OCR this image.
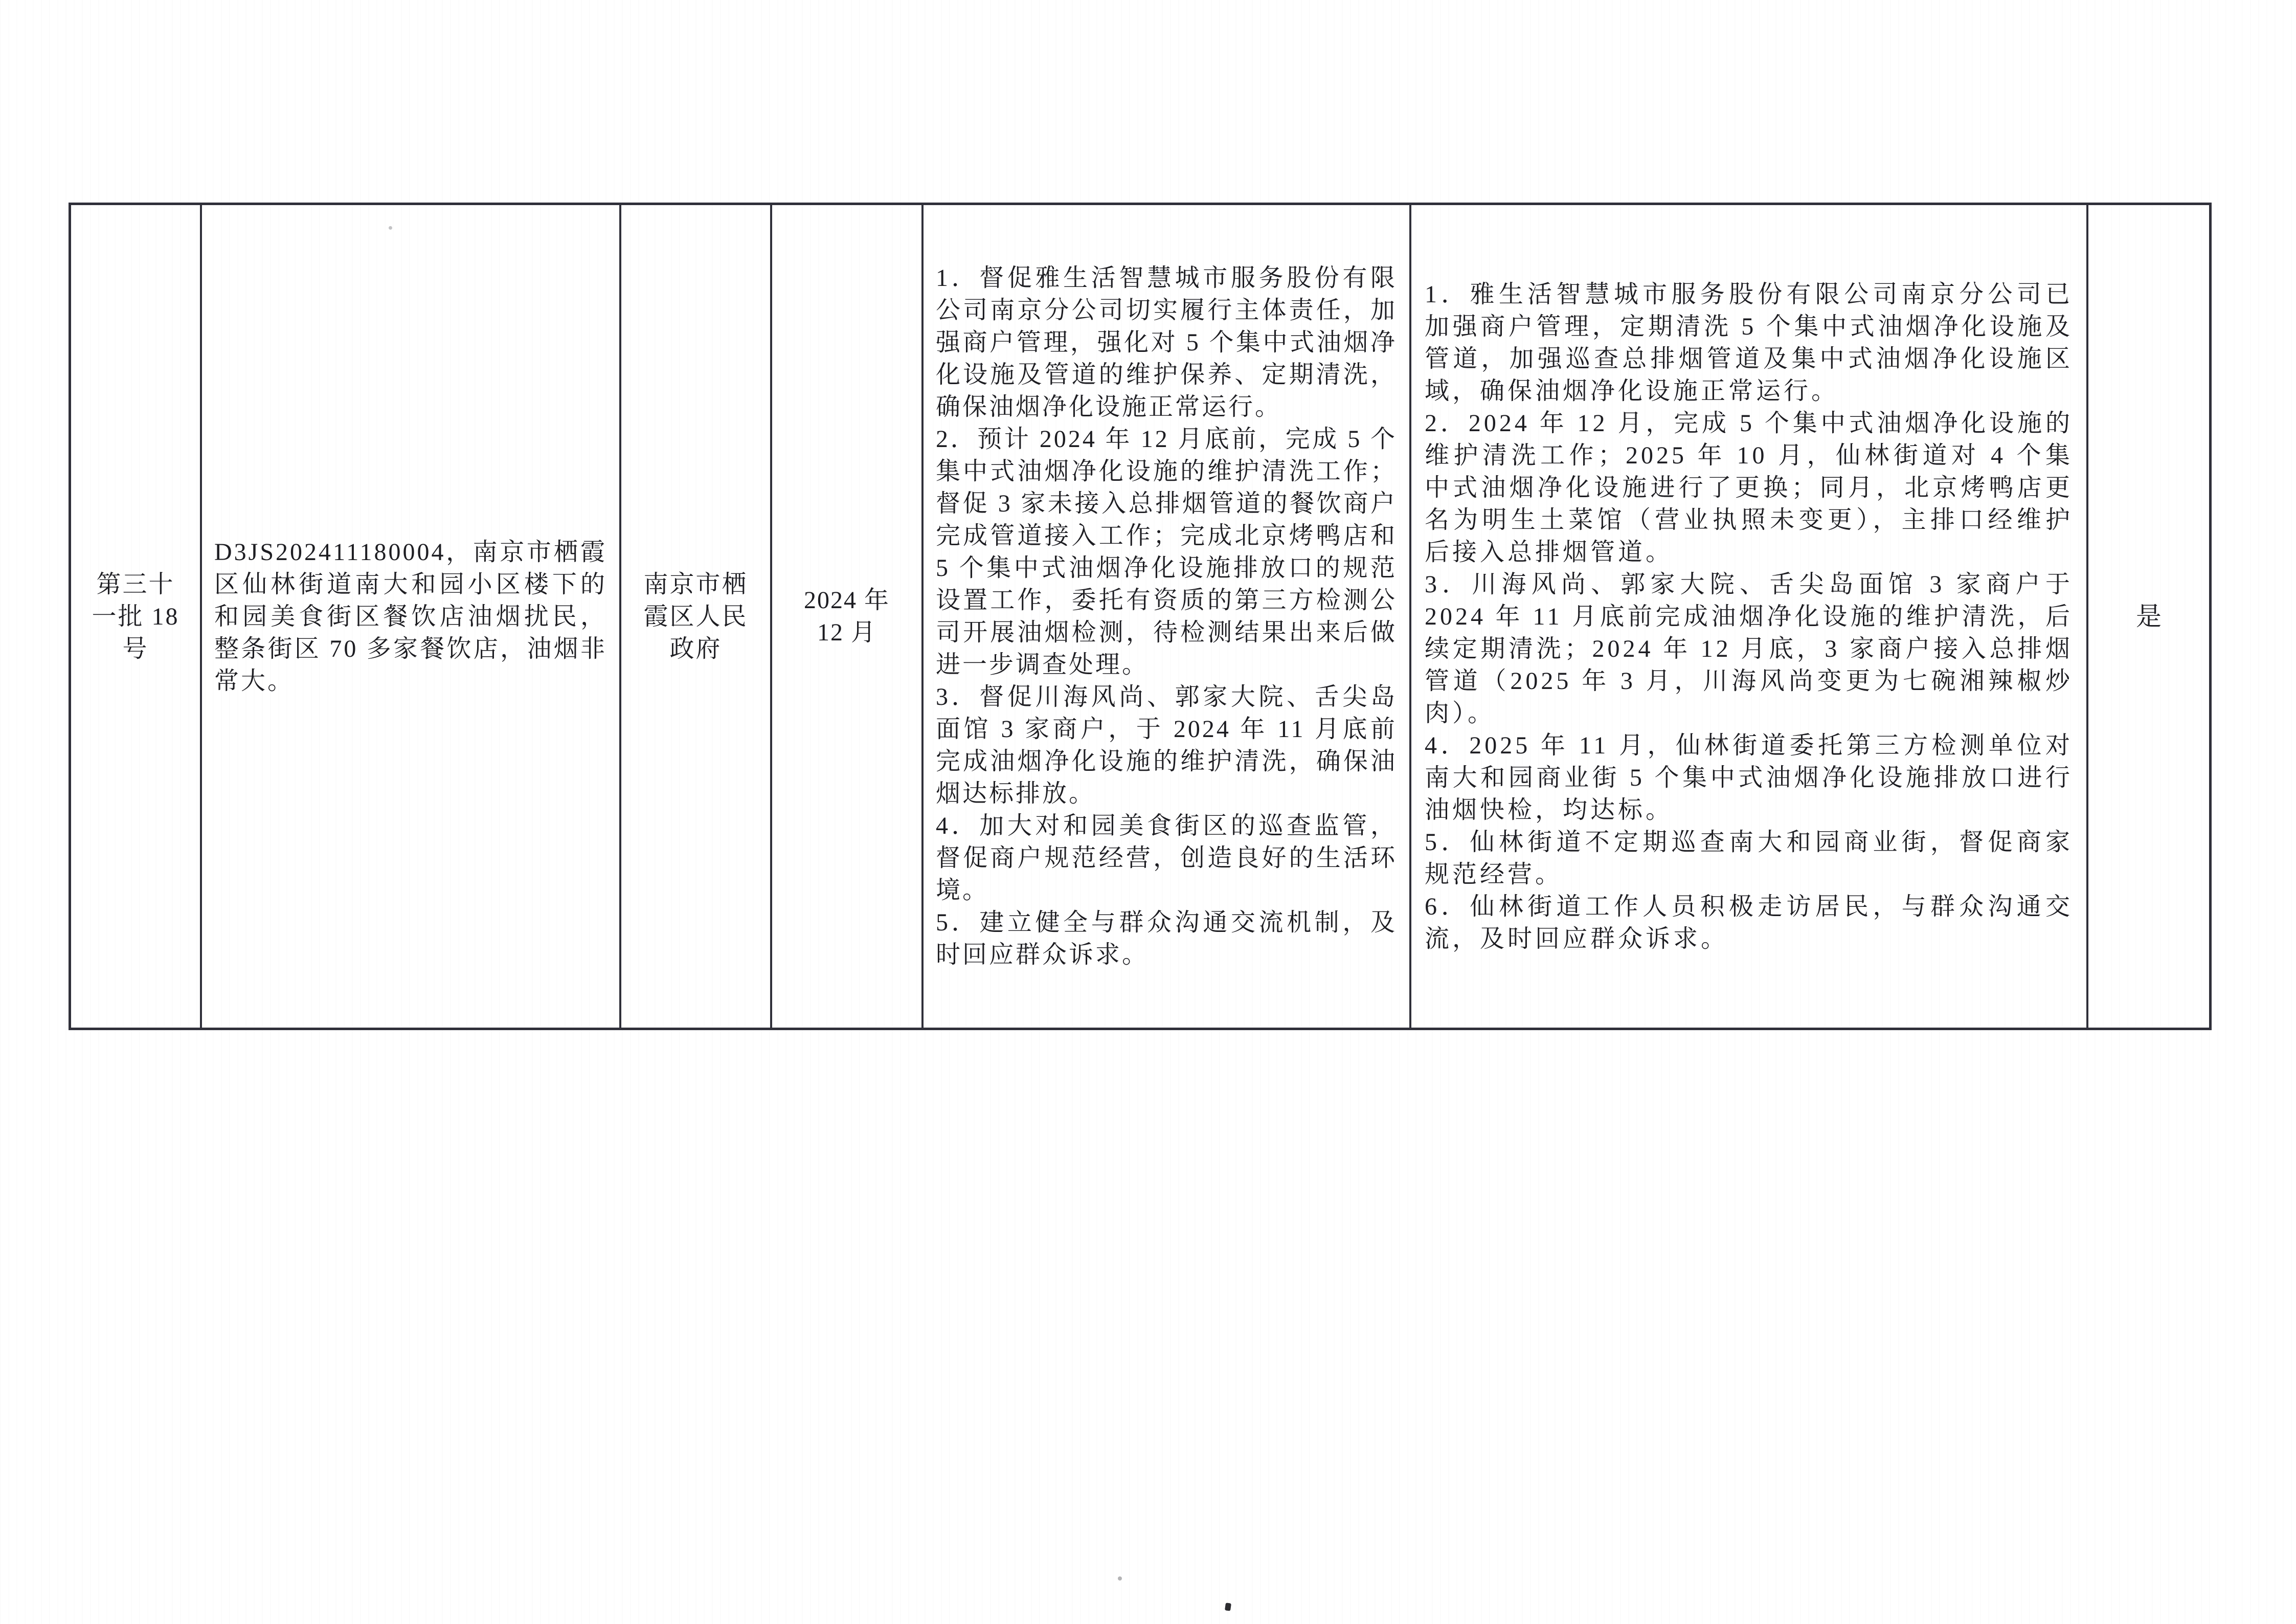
第三十
一批 18
号

D3JS202411180004，南京市栖霞区仙林街道南大和园小区楼下的和园美食街区餐饮店油烟扰民，整条街区 70 多家餐饮店，油烟非常大。

南京市栖
霞区人民
政府
2024 年
12 月

1．督促雅生活智慧城市服务股份有限公司南京分公司切实履行主体责任，加强商户管理，强化对 5 个集中式油烟净化设施及管道的维护保养、定期清洗，确保油烟净化设施正常运行。

2．预计 2024 年 12 月底前，完成 5 个集中式油烟净化设施的维护清洗工作；督促 3 家未接入总排烟管道的餐饮商户完成管道接入工作；完成北京烤鸭店和 5 个集中式油烟净化设施排放口的规范设置工作，委托有资质的第三方检测公司开展油烟检测，待检测结果出来后做进一步调查处理。

3．督促川海风尚、郭家大院、舌尖岛面馆 3 家商户，于 2024 年 11 月底前完成油烟净化设施的维护清洗，确保油烟达标排放。

4．加大对和园美食街区的巡查监管，督促商户规范经营，创造良好的生活环境。

5．建立健全与群众沟通交流机制，及时回应群众诉求。

1．雅生活智慧城市服务股份有限公司南京分公司已加强商户管理，定期清洗 5 个集中式油烟净化设施及管道，加强巡查总排烟管道及集中式油烟净化设施区域，确保油烟净化设施正常运行。

2．2024 年 12 月，完成 5 个集中式油烟净化设施的维护清洗工作；2025 年 10 月，仙林街道对 4 个集中式油烟净化设施进行了更换；同月，北京烤鸭店更名为明生土菜馆（营业执照未变更），主排口经维护后接入总排烟管道。

3．川海风尚、郭家大院、舌尖岛面馆 3 家商户于 2024 年 11 月底前完成油烟净化设施的维护清洗，后续定期清洗；2024 年 12 月底，3 家商户接入总排烟管道（2025 年 3 月，川海风尚变更为七碗湘辣椒炒肉）。

4．2025 年 11 月，仙林街道委托第三方检测单位对南大和园商业街 5 个集中式油烟净化设施排放口进行油烟快检，均达标。

5．仙林街道不定期巡查南大和园商业街，督促商家规范经营。

6．仙林街道工作人员积极走访居民，与群众沟通交流，及时回应群众诉求。

是
